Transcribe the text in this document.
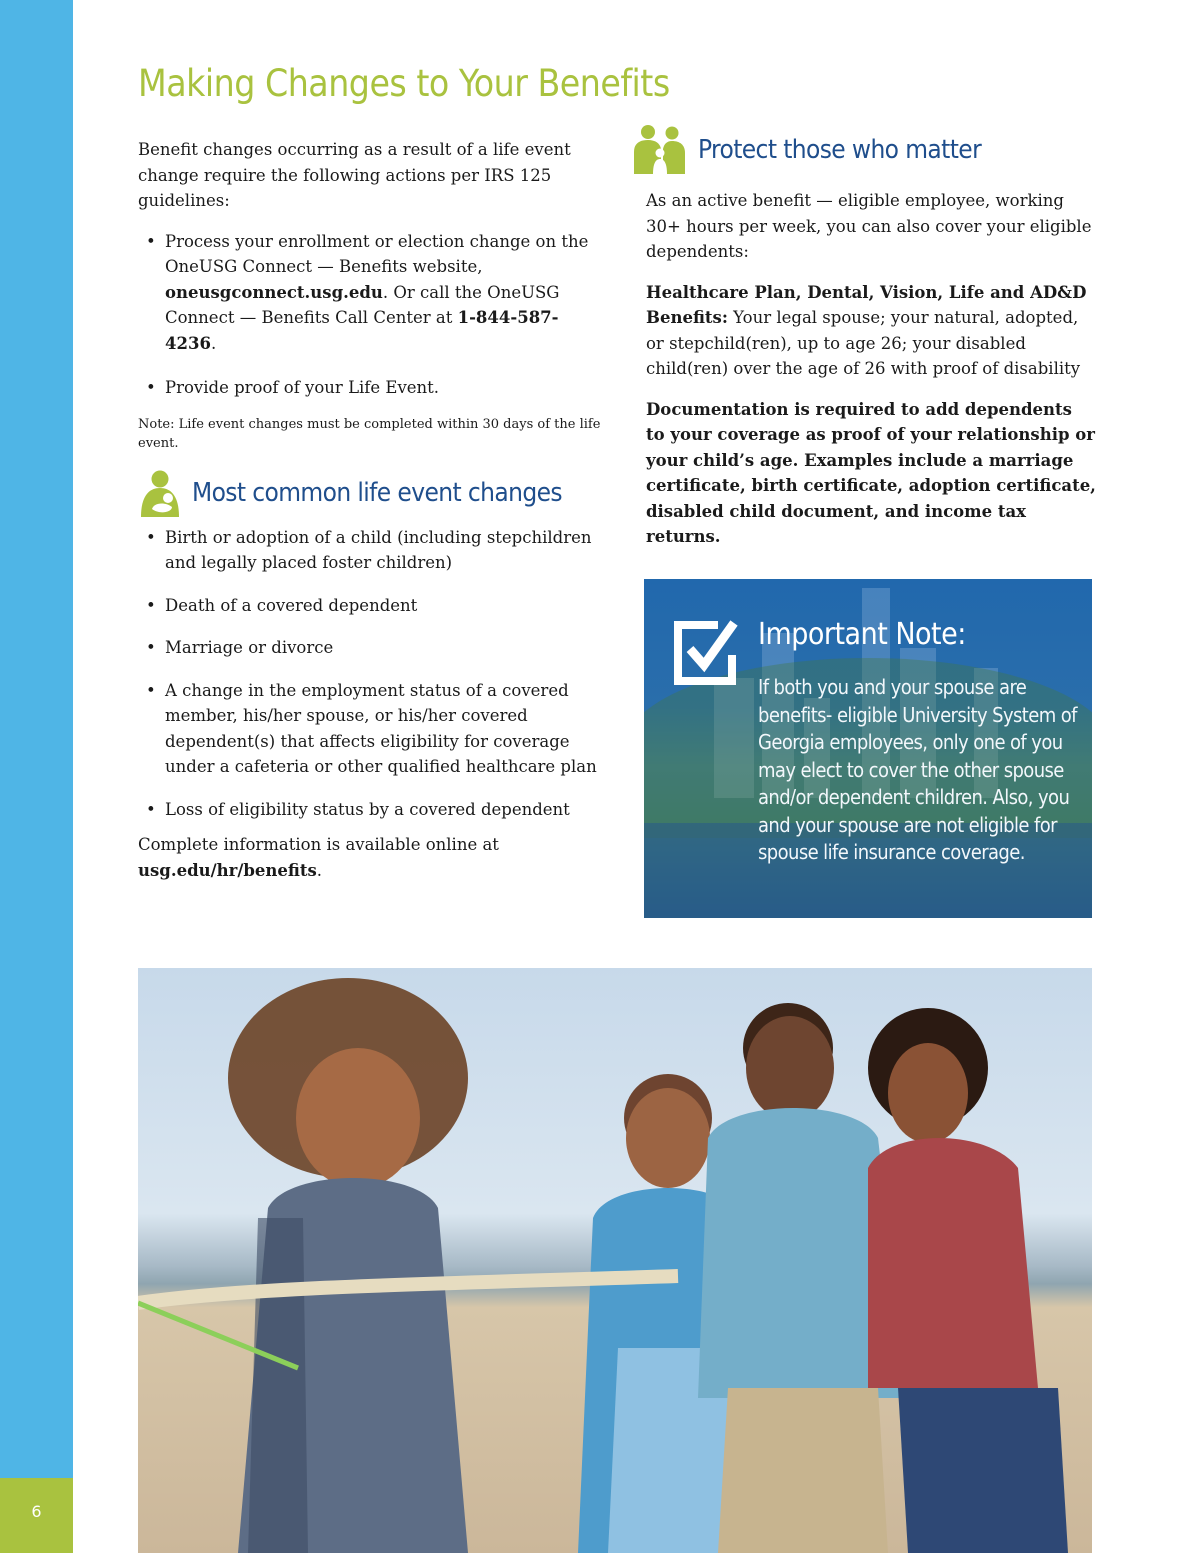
6
Making Changes to Your Benefits

Benefit changes occurring as a result of a life event change require the following actions per IRS 125 guidelines:

• Process your enrollment or election change on the OneUSG Connect — Benefits website, oneusgconnect.usg.edu. Or call the OneUSG Connect — Benefits Call Center at 1-844-587-4236.
• Provide proof of your Life Event.

Note: Life event changes must be completed within 30 days of the life event.

Most common life event changes
• Birth or adoption of a child (including stepchildren and legally placed foster children)
• Death of a covered dependent
• Marriage or divorce
• A change in the employment status of a covered member, his/her spouse, or his/her covered dependent(s) that affects eligibility for coverage under a cafeteria or other qualified healthcare plan
• Loss of eligibility status by a covered dependent

Complete information is available online at usg.edu/hr/benefits.

Protect those who matter

As an active benefit — eligible employee, working 30+ hours per week, you can also cover your eligible dependents:

Healthcare Plan, Dental, Vision, Life and AD&D Benefits: Your legal spouse; your natural, adopted, or stepchild(ren), up to age 26; your disabled child(ren) over the age of 26 with proof of disability

Documentation is required to add dependents to your coverage as proof of your relationship or your child’s age. Examples include a marriage certificate, birth certificate, adoption certificate, disabled child document, and income tax returns.

Important Note:

If both you and your spouse are benefits- eligible University System of Georgia employees, only one of you may elect to cover the other spouse and/or dependent children. Also, you and your spouse are not eligible for spouse life insurance coverage.
